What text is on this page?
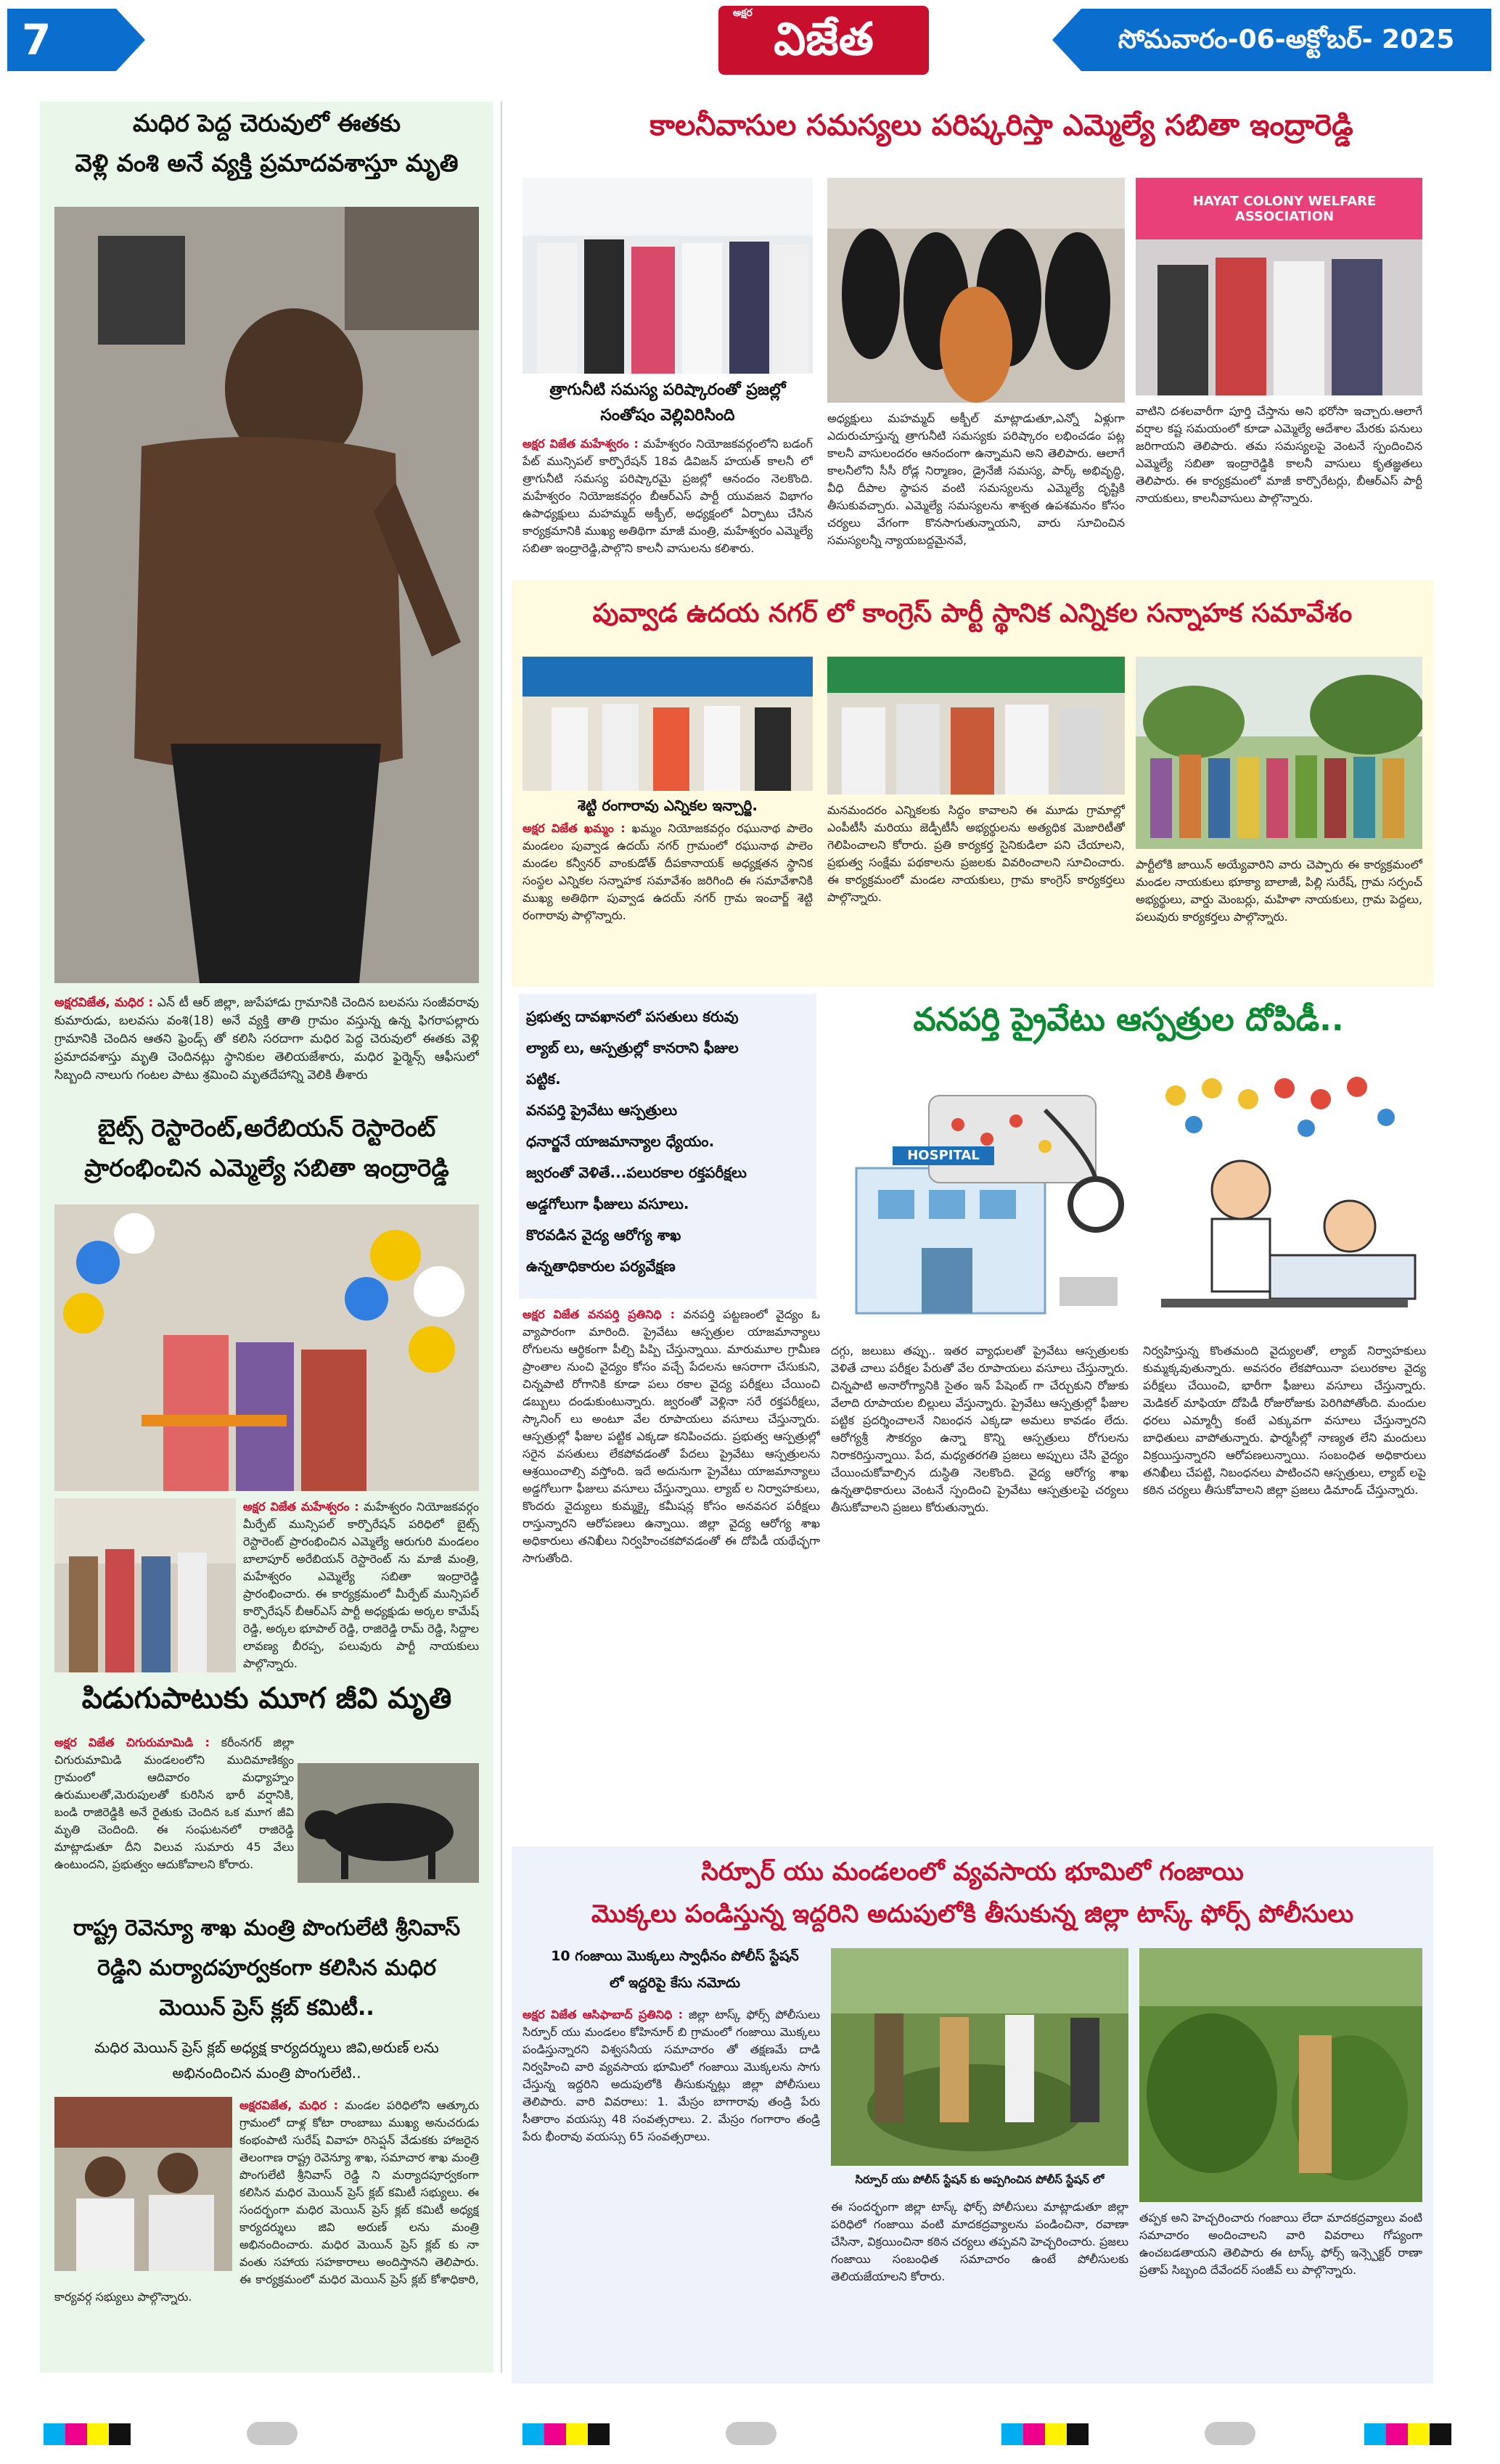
7	విజేత
అక్షర
సోమవారం-06-అక్టోబర్- 2025
మధిర పెద్ద చెరువులో ఈతకు
వెళ్లి వంశి అనే వ్యక్తి ప్రమాదవశాస్తూ మృతి
అక్షరవిజేత, మధిర : ఎన్ టీ ఆర్ జిల్లా, జుపేహాడు గ్రామానికి చెందిన బలవసు సంజీవరావు కుమారుడు, బలవసు వంశి(18) అనే వ్యక్తి తాతి గ్రామం వస్తున్న ఉన్న ఫిగరాపల్లారు గ్రామానికి చెందిన ఆతని ఫ్రెండ్స్ తో కలిసి సరదాగా మధిర పెద్ద చెరువులో ఈతకు వెళ్లి ప్రమాదవశాస్తు మృతి చెందినట్లు స్థానికుల తెలియజేశారు, మధిర ఫైర్మెన్స్ ఆఫీసులో సిబ్బంది నాలుగు గంటల పాటు శ్రమించి మృతదేహాన్ని వెలికి తీశారు
బైట్స్ రెస్టారెంట్,అరేబియన్ రెస్టారెంట్
ప్రారంభించిన ఎమ్మెల్యే సబితా ఇంద్రారెడ్డి
అక్షర విజేత మహేశ్వరం : మహేశ్వరం నియోజకవర్గం మీర్పేట్ మున్సిపల్ కార్పొరేషన్ పరిధిలో బైట్స్ రెస్టారెంట్ ప్రారంభించిన ఎమ్మెల్యే ఆరుగురి మండలం బాలాపూర్ అరేబియన్ రెస్టారెంట్ ను మాజీ మంత్రి, మహేశ్వరం ఎమ్మెల్యే సబితా ఇంద్రారెడ్డి ప్రారంభించారు. ఈ కార్యక్రమంలో మీర్పేట్ మున్సిపల్ కార్పొరేషన్ బీఆర్ఎస్ పార్టీ అధ్యక్షుడు అర్కల కామేష్ రెడ్డి, అర్కల భూపాల్ రెడ్డి, రాజిరెడ్డి రామ్ రెడ్డి, సిద్దాల లావణ్య బీరప్ప, పలువురు పార్టీ నాయకులు పాల్గొన్నారు.
పిడుగుపాటుకు మూగ జీవి మృతి
అక్షర విజేత చిగురుమామిడి : కరీంనగర్ జిల్లా చిగురుమామిడి మండలంలోని ముదిమాణిక్యం గ్రామంలో ఆదివారం మధ్యాహ్నం ఉరుములతో,మెరుపులతో కురిసిన భారీ వర్షానికి, బండి రాజిరెడ్డికి అనే రైతుకు చెందిన ఒక మూగ జీవి మృతి చెందింది. ఈ సంఘటనలో రాజిరెడ్డి మాట్లాడుతూ దీని విలువ సుమారు 45 వేలు ఉంటుందని, ప్రభుత్వం ఆదుకోవాలని కోరారు.
రాష్ట్ర రెవెన్యూ శాఖ మంత్రి పొంగులేటి శ్రీనివాస్
రెడ్డిని మర్యాదపూర్వకంగా కలిసిన మధిర
మెయిన్ ప్రెస్ క్లబ్ కమిటీ..
మధిర మెయిన్ ప్రెస్ క్లబ్ అధ్యక్ష కార్యదర్శులు జివి,అరుణ్ లను
అభినందించిన మంత్రి పొంగులేటి..
అక్షరవిజేత, మధిర : మండల పరిధిలోని ఆత్కూరు గ్రామంలో దాళ్ల కోటా రాంబాబు ముఖ్య అనుచరుడు కంభంపాటి సురేష్ వివాహ రిసెప్షన్ వేడుకకు హాజరైన తెలంగాణ రాష్ట్ర రెవెన్యూ శాఖ, సమాచార శాఖ మంత్రి పొంగులేటి శ్రీనివాస్ రెడ్డి ని మర్యాదపూర్వకంగా కలిసిన మధిర మెయిన్ ప్రెస్ క్లబ్ కమిటీ సభ్యులు. ఈ సందర్భంగా మధిర మెయిన్ ప్రెస్ క్లబ్ కమిటీ అధ్యక్ష కార్యదర్శులు జివి అరుణ్ లను మంత్రి అభినందించారు. మధిర మెయిన్ ప్రెస్ క్లబ్ కు నా వంతు సహాయ సహకారాలు అందిస్తానని తెలిపారు. ఈ కార్యక్రమంలో మధిర మెయిన్ ప్రెస్ క్లబ్ కోశాధికారి, కార్యవర్గ సభ్యులు పాల్గొన్నారు.
కాలనీవాసుల సమస్యలు పరిష్కరిస్తా ఎమ్మెల్యే సబితా ఇంద్రారెడ్డి
త్రాగునీటి సమస్య పరిష్కారంతో ప్రజల్లో
సంతోషం వెల్లివిరిసింది
అక్షర విజేత మహేశ్వరం : మహేశ్వరం నియోజకవర్గంలోని బడంగ్ పేట్ మున్సిపల్ కార్పొరేషన్ 18వ డివిజన్ హయత్ కాలనీ లో త్రాగునీటి సమస్య పరిష్కారమై ప్రజల్లో ఆనందం నెలకొంది. మహేశ్వరం నియోజకవర్గం బీఆర్ఎస్ పార్టీ యువజన విభాగం ఉపాధ్యక్షులు మహమ్మద్ అక్బీల్, అధ్యక్షంలో ఏర్పాటు చేసిన కార్యక్రమానికి ముఖ్య అతిథిగా మాజీ మంత్రి, మహేశ్వరం ఎమ్మెల్యే సబితా ఇంద్రారెడ్డి,పాల్గొని కాలనీ వాసులను కలిశారు.
అధ్యక్షులు మహమ్మద్ అక్బీల్ మాట్లాడుతూ,ఎన్నో ఏళ్లుగా ఎదురుచూస్తున్న త్రాగునీటి సమస్యకు పరిష్కారం లభించడం పట్ల కాలనీ వాసులందరం ఆనందంగా ఉన్నామని అని తెలిపారు. ఆలాగే కాలనీలోని సీసీ రోడ్ల నిర్మాణం, డ్రైనేజీ సమస్య, పార్క్ అభివృద్ధి, వీధి దీపాల స్థాపన వంటి సమస్యలను ఎమ్మెల్యే దృష్టికి తీసుకువచ్చారు. ఎమ్మెల్యే సమస్యలను శాశ్వత ఉపశమనం కోసం చర్యలు వేగంగా కొనసాగుతున్నాయని, వారు సూచించిన సమస్యలన్నీ న్యాయబద్దమైనవే,
HAYAT COLONY WELFARE ASSOCIATION
వాటిని దశలవారీగా పూర్తి చేస్తాను అని భరోసా ఇచ్చారు.ఆలాగే వర్షాల కష్ట సమయంలో కూడా ఎమ్మెల్యే ఆదేశాల మేరకు పనులు జరిగాయని తెలిపారు. తమ సమస్యలపై వెంటనే స్పందించిన ఎమ్మెల్యే సబితా ఇంద్రారెడ్డికి కాలనీ వాసులు కృతజ్ఞతలు తెలిపారు. ఈ కార్యక్రమంలో మాజీ కార్పొరేటర్లు, బీఆర్ఎస్ పార్టీ నాయకులు, కాలనీవాసులు పాల్గొన్నారు.
పువ్వాడ ఉదయ నగర్ లో కాంగ్రెస్ పార్టీ స్థానిక ఎన్నికల సన్నాహక సమావేశం
శెట్టి రంగారావు ఎన్నికల ఇన్చార్జి.
అక్షర విజేత ఖమ్మం : ఖమ్మం నియోజకవర్గం రఘునాథ పాలెం మండలం పువ్వాడ ఉదయ్ నగర్ గ్రామంలో రఘునాథ పాలెం మండల కన్వీనర్ వాంకుడోత్ దీపకానాయక్ అధ్యక్షతన స్థానిక సంస్థల ఎన్నికల సన్నాహక సమావేశం జరిగింది ఈ సమావేశానికి ముఖ్య అతిథిగా పువ్వాడ ఉదయ్ నగర్ గ్రామ ఇంచార్జ్ శెట్టి రంగారావు పాల్గొన్నారు.
మనమందరం ఎన్నికలకు సిద్ధం కావాలని ఈ మూడు గ్రామాల్లో ఎంపీటీసీ మరియు జెడ్పీటీసీ అభ్యర్థులను అత్యధిక మెజారిటీతో గెలిపించాలని కోరారు. ప్రతి కార్యకర్త సైనికుడిలా పని చేయాలని, ప్రభుత్వ సంక్షేమ పథకాలను ప్రజలకు వివరించాలని సూచించారు. ఈ కార్యక్రమంలో మండల నాయకులు, గ్రామ కాంగ్రెస్ కార్యకర్తలు పాల్గొన్నారు.
పార్టీలోకి జాయిన్ అయ్యేవారిని వారు చెప్పారు ఈ కార్యక్రమంలో మండల నాయకులు భూక్యా బాలాజీ, పిల్లి సురేష్, గ్రామ సర్పంచ్ అభ్యర్థులు, వార్డు మెంబర్లు, మహిళా నాయకులు, గ్రామ పెద్దలు, పలువురు కార్యకర్తలు పాల్గొన్నారు.
వనపర్తి ప్రైవేటు ఆస్పత్రుల దోపిడీ..
ప్రభుత్వ దావఖానలో పసతులు కరువు
ల్యాబ్ లు, ఆస్పత్రుల్లో కానరాని ఫీజుల
పట్టిక.
వనపర్తి ప్రైవేటు ఆస్పత్రులు
ధనార్జనే యాజమాన్యాల ధ్యేయం.
జ్వరంతో వెళితే...పలురకాల రక్తపరీక్షలు
అడ్డగోలుగా ఫీజులు వసూలు.
కొరవడిన వైద్య ఆరోగ్య శాఖ
ఉన్నతాధికారుల పర్యవేక్షణ
HOSPITAL
అక్షర విజేత వనపర్తి ప్రతినిధి : వనపర్తి పట్టణంలో వైద్యం ఓ వ్యాపారంగా మారింది. ప్రైవేటు ఆస్పత్రుల యాజమాన్యాలు రోగులను ఆర్థికంగా పీల్చి పిప్పి చేస్తున్నాయి. మారుమూల గ్రామీణ ప్రాంతాల నుంచి వైద్యం కోసం వచ్చే పేదలను ఆసరాగా చేసుకుని, చిన్నపాటి రోగానికి కూడా పలు రకాల వైద్య పరీక్షలు చేయించి డబ్బులు దండుకుంటున్నారు. జ్వరంతో వెళ్లినా సరే రక్తపరీక్షలు, స్కానింగ్ లు అంటూ వేల రూపాయలు వసూలు చేస్తున్నారు. ఆస్పత్రుల్లో ఫీజుల పట్టిక ఎక్కడా కనిపించదు. ప్రభుత్వ ఆస్పత్రుల్లో సరైన వసతులు లేకపోవడంతో పేదలు ప్రైవేటు ఆస్పత్రులను ఆశ్రయించాల్సి వస్తోంది. ఇదే అదునుగా ప్రైవేటు యాజమాన్యాలు అడ్డగోలుగా ఫీజులు వసూలు చేస్తున్నాయి. ల్యాబ్ ల నిర్వాహకులు, కొందరు వైద్యులు కుమ్మక్కై కమీషన్ల కోసం అనవసర పరీక్షలు రాస్తున్నారని ఆరోపణలు ఉన్నాయి. జిల్లా వైద్య ఆరోగ్య శాఖ అధికారులు తనిఖీలు నిర్వహించకపోవడంతో ఈ దోపిడీ యథేచ్ఛగా సాగుతోంది.
దగ్గు, జలుబు తప్పు.. ఇతర వ్యాధులతో ప్రైవేటు ఆస్పత్రులకు వెళితే చాలు పరీక్షల పేరుతో వేల రూపాయలు వసూలు చేస్తున్నారు. చిన్నపాటి అనారోగ్యానికి సైతం ఇన్ పేషెంట్ గా చేర్చుకుని రోజుకు వేలాది రూపాయల బిల్లులు వేస్తున్నారు. ప్రైవేటు ఆస్పత్రుల్లో ఫీజుల పట్టిక ప్రదర్శించాలనే నిబంధన ఎక్కడా అమలు కావడం లేదు. ఆరోగ్యశ్రీ సౌకర్యం ఉన్నా కొన్ని ఆస్పత్రులు రోగులను నిరాకరిస్తున్నాయి. పేద, మధ్యతరగతి ప్రజలు అప్పులు చేసి వైద్యం చేయించుకోవాల్సిన దుస్థితి నెలకొంది. వైద్య ఆరోగ్య శాఖ ఉన్నతాధికారులు వెంటనే స్పందించి ప్రైవేటు ఆస్పత్రులపై చర్యలు తీసుకోవాలని ప్రజలు కోరుతున్నారు.
నిర్వహిస్తున్న కొంతమంది వైద్యులతో, ల్యాబ్ నిర్వాహకులు కుమ్మక్కవుతున్నారు. అవసరం లేకపోయినా పలురకాల వైద్య పరీక్షలు చేయించి, భారీగా ఫీజులు వసూలు చేస్తున్నారు. మెడికల్ మాఫియా దోపిడీ రోజురోజుకు పెరిగిపోతోంది. మందుల ధరలు ఎమ్మార్పీ కంటే ఎక్కువగా వసూలు చేస్తున్నారని బాధితులు వాపోతున్నారు. ఫార్మసీల్లో నాణ్యత లేని మందులు విక్రయిస్తున్నారని ఆరోపణలున్నాయి. సంబంధిత అధికారులు తనిఖీలు చేపట్టి, నిబంధనలు పాటించని ఆస్పత్రులు, ల్యాబ్ లపై కఠిన చర్యలు తీసుకోవాలని జిల్లా ప్రజలు డిమాండ్ చేస్తున్నారు.
సిర్పూర్ యు మండలంలో వ్యవసాయ భూమిలో గంజాయి
మొక్కలు పండిస్తున్న ఇద్దరిని అదుపులోకి తీసుకున్న జిల్లా టాస్క్ ఫోర్స్ పోలీసులు
10 గంజాయి మొక్కలు స్వాధీనం పోలీస్ స్టేషన్
లో ఇద్దరిపై కేసు నమోదు
అక్షర విజేత ఆసిఫాబాద్ ప్రతినిధి : జిల్లా టాస్క్ ఫోర్స్ పోలీసులు సిర్పూర్ యు మండలం కోహినూర్ బి గ్రామంలో గంజాయి మొక్కలు పండిస్తున్నారని విశ్వసనీయ సమాచారం తో తక్షణమే దాడి నిర్వహించి వారి వ్యవసాయ భూమిలో గంజాయి మొక్కలను సాగు చేస్తున్న ఇద్దరిని అదుపులోకి తీసుకున్నట్లు జిల్లా పోలీసులు తెలిపారు. వారి వివరాలు: 1. మేస్రం బాగారావు తండ్రి పేరు సీతారాం వయస్సు 48 సంవత్సరాలు. 2. మేస్రం గంగారాం తండ్రి పేరు భీంరావు వయస్సు 65 సంవత్సరాలు.
సిర్పూర్ యు పోలీస్ స్టేషన్ కు అప్పగించిన పోలీస్ స్టేషన్ లో
ఈ సందర్భంగా జిల్లా టాస్క్ ఫోర్స్ పోలీసులు మాట్లాడుతూ జిల్లా పరిధిలో గంజాయి వంటి మాదకద్రవ్యాలను పండించినా, రవాణా చేసినా, విక్రయించినా కఠిన చర్యలు తప్పవని హెచ్చరించారు. ప్రజలు గంజాయి సంబంధిత సమాచారం ఉంటే పోలీసులకు తెలియజేయాలని కోరారు.
తప్పక అని హెచ్చరించారు గంజాయి లేదా మాదకద్రవ్యాలు వంటి సమాచారం అందించాలని వారి వివరాలు గోప్యంగా ఉంచబడతాయని తెలిపారు ఈ టాస్క్ ఫోర్స్ ఇన్స్పెక్టర్ రాణా ప్రతాప్ సిబ్బంది దేవేందర్ సంజీవ్ లు పాల్గొన్నారు.
